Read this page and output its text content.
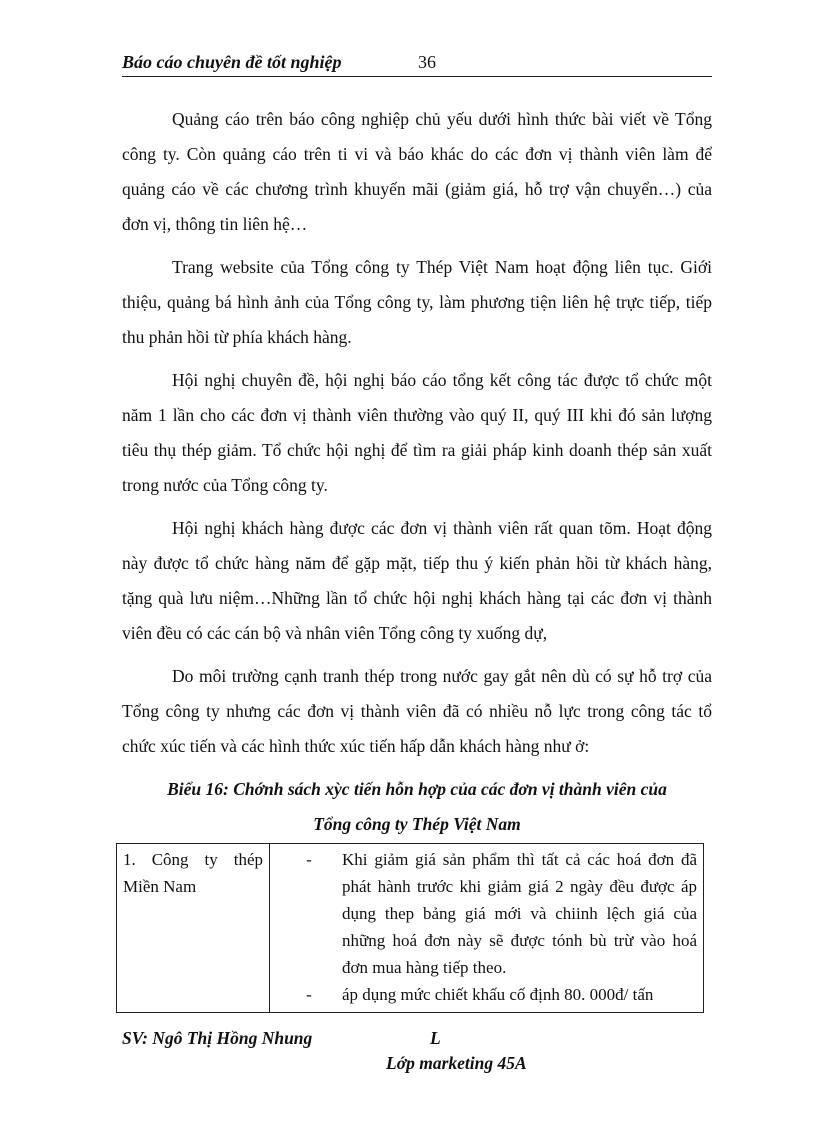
Báo cáo chuyên đề tốt nghiệp	36

Quảng cáo trên báo công nghiệp chủ yếu dưới hình thức bài viết về Tổng công ty. Còn quảng cáo trên ti vi và báo khác do các đơn vị thành viên làm để quảng cáo về các chương trình khuyến mãi (giảm giá, hỗ trợ vận chuyển…) của đơn vị, thông tin liên hệ…

Trang website của Tổng công ty Thép Việt Nam hoạt động liên tục. Giới thiệu, quảng bá hình ảnh của Tổng công ty, làm phương tiện liên hệ trực tiếp, tiếp thu phản hồi từ phía khách hàng.

Hội nghị chuyên đề, hội nghị báo cáo tổng kết công tác được tổ chức một năm 1 lần cho các đơn vị thành viên thường vào quý II, quý III khi đó sản lượng tiêu thụ thép giảm. Tổ chức hội nghị để tìm ra giải pháp kinh doanh thép sản xuất trong nước của Tổng công ty.

Hội nghị khách hàng được các đơn vị thành viên rất quan tõm. Hoạt động này được tổ chức hàng năm để gặp mặt, tiếp thu ý kiến phản hồi từ khách hàng, tặng quà lưu niệm…Những lần tổ chức hội nghị khách hàng tại các đơn vị thành viên đều có các cán bộ và nhân viên Tổng công ty xuống dự,

Do môi trường cạnh tranh thép trong nước gay gắt nên dù có sự hỗ trợ của Tổng công ty nhưng các đơn vị thành viên đã có nhiều nỗ lực trong công tác tổ chức xúc tiến và các hình thức xúc tiến hấp dẫn khách hàng như ở:

Biểu 16: Chớnh sách xỳc tiến hỗn hợp của các đơn vị thành viên của
Tổng công ty Thép Việt Nam
1. Công ty thép Miền Nam	
-	Khi giảm giá sản phẩm thì tất cả các hoá đơn đã phát hành trước khi giảm giá 2 ngày đều được áp dụng thep bảng giá mới và chiinh lệch giá của những hoá đơn này sẽ được tónh bù trừ vào hoá đơn mua hàng tiếp theo.
-	áp dụng mức chiết khấu cố định 80. 000đ/ tấn
SV: Ngô Thị Hồng Nhung	L
Lớp marketing 45A
